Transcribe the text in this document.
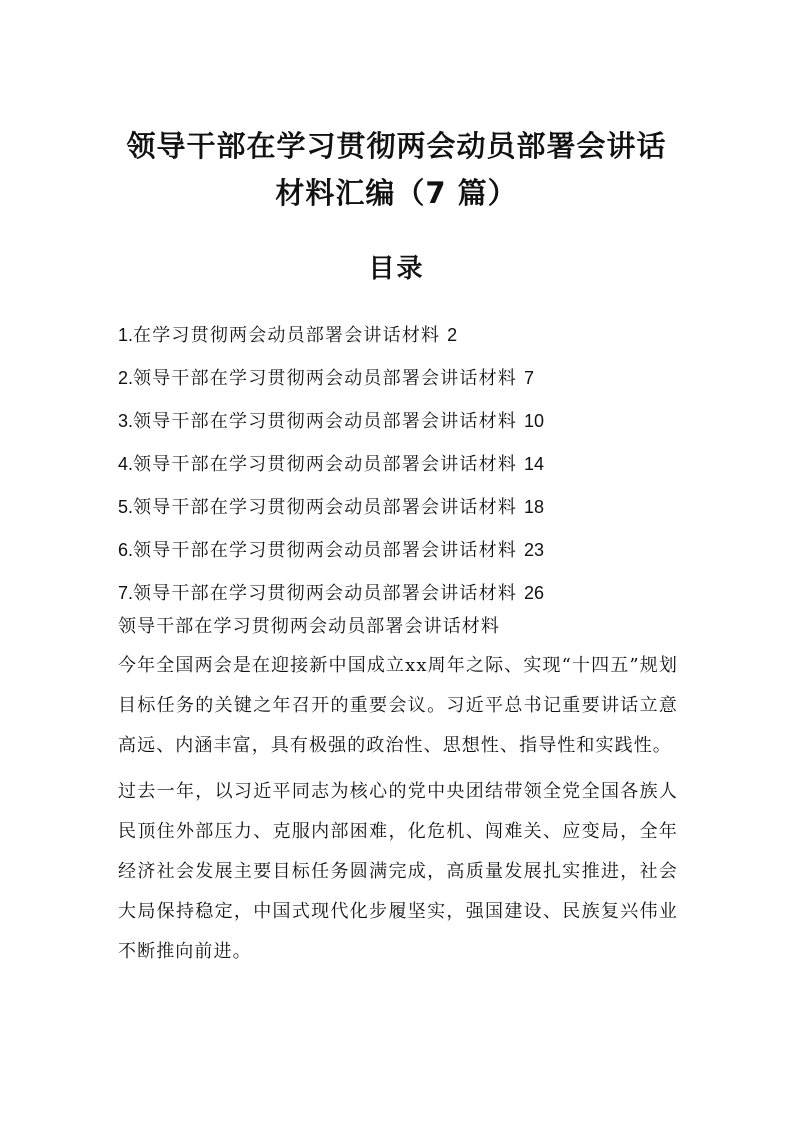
领导干部在学习贯彻两会动员部署会讲话
材料汇编（7 篇）
目录
1.在学习贯彻两会动员部署会讲话材料 2
2.领导干部在学习贯彻两会动员部署会讲话材料 7
3.领导干部在学习贯彻两会动员部署会讲话材料 10
4.领导干部在学习贯彻两会动员部署会讲话材料 14
5.领导干部在学习贯彻两会动员部署会讲话材料 18
6.领导干部在学习贯彻两会动员部署会讲话材料 23
7.领导干部在学习贯彻两会动员部署会讲话材料 26

领导干部在学习贯彻两会动员部署会讲话材料

今年全国两会是在迎接新中国成立xx周年之际、实现“十四五”规划目标任务的关键之年召开的重要会议。习近平总书记重要讲话立意高远、内涵丰富，具有极强的政治性、思想性、指导性和实践性。

过去一年，以习近平同志为核心的党中央团结带领全党全国各族人民顶住外部压力、克服内部困难，化危机、闯难关、应变局，全年经济社会发展主要目标任务圆满完成，高质量发展扎实推进，社会大局保持稳定，中国式现代化步履坚实，强国建设、民族复兴伟业不断推向前进。
